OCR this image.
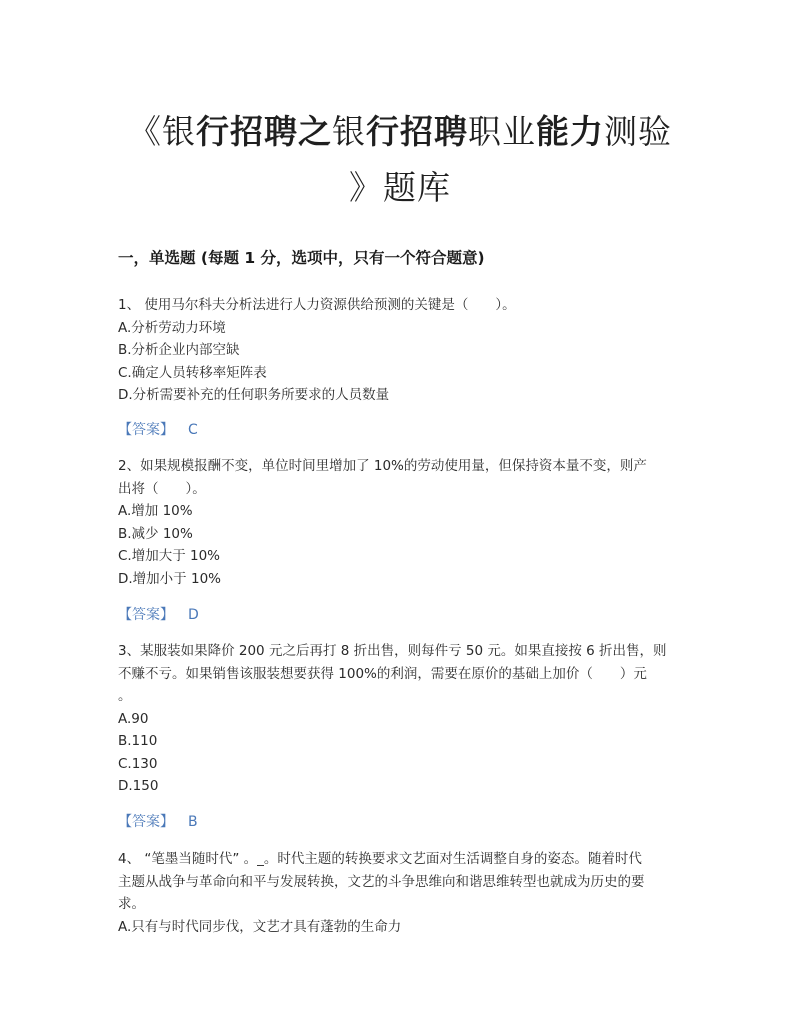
《银行招聘之银行招聘职业能力测验
》题库
一，单选题 (每题 1 分，选项中，只有一个符合题意)
1、 使用马尔科夫分析法进行人力资源供给预测的关键是（　　）。
A.分析劳动力环境
B.分析企业内部空缺
C.确定人员转移率矩阵表
D.分析需要补充的任何职务所要求的人员数量
【答案】 C
2、如果规模报酬不变，单位时间里增加了 10%的劳动使用量，但保持资本量不变，则产
出将（　　）。
A.增加 10%
B.减少 10%
C.增加大于 10%
D.增加小于 10%
【答案】 D
3、某服装如果降价 200 元之后再打 8 折出售，则每件亏 50 元。如果直接按 6 折出售，则
不赚不亏。如果销售该服装想要获得 100%的利润，需要在原价的基础上加价（　　）元
。
A.90
B.110
C.130
D.150
【答案】 B
4、 “笔墨当随时代” 。_。时代主题的转换要求文艺面对生活调整自身的姿态。随着时代
主题从战争与革命向和平与发展转换，文艺的斗争思维向和谐思维转型也就成为历史的要
求。
A.只有与时代同步伐，文艺才具有蓬勃的生命力
